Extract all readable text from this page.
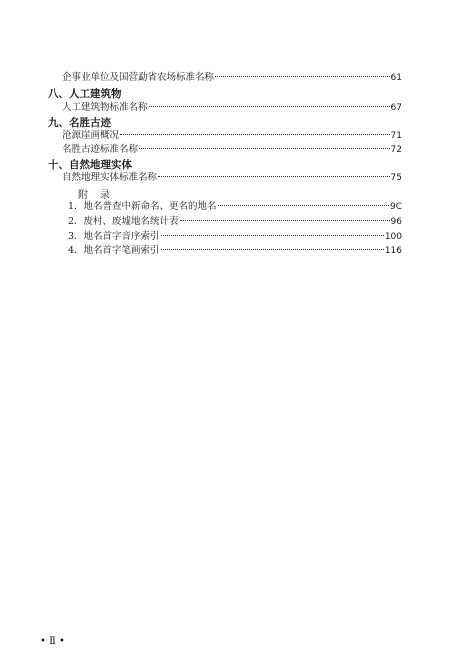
企事业单位及国营勐省农场标准名称	61
八、人工建筑物
人工建筑物标准名称	67
九、名胜古迹
沧源崖画概况	71
名胜古迹标准名称	72
十、自然地理实体
自然地理实体标准名称	75
附录
1．地名普查中新命名、更名的地名	9C
2．废村、废墟地名统计表	96
3．地名首字音序索引	100
4．地名首字笔画索引	116
• Ⅱ •
